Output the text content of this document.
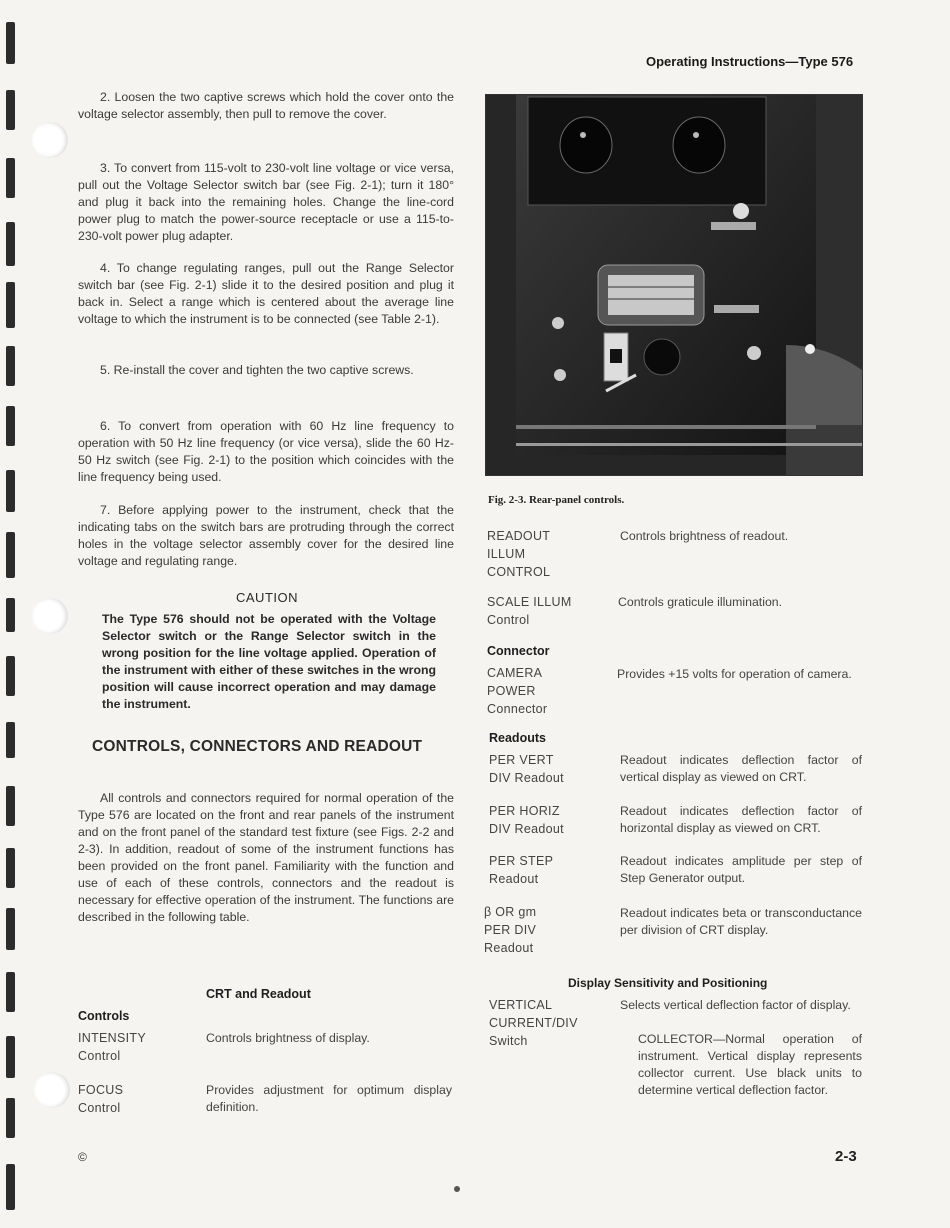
Operating Instructions—Type 576
2. Loosen the two captive screws which hold the cover onto the voltage selector assembly, then pull to remove the cover.
3. To convert from 115-volt to 230-volt line voltage or vice versa, pull out the Voltage Selector switch bar (see Fig. 2-1); turn it 180° and plug it back into the remaining holes. Change the line-cord power plug to match the power-source receptacle or use a 115-to-230-volt power plug adapter.
4. To change regulating ranges, pull out the Range Selector switch bar (see Fig. 2-1) slide it to the desired position and plug it back in. Select a range which is centered about the average line voltage to which the instrument is to be connected (see Table 2-1).
5. Re-install the cover and tighten the two captive screws.
6. To convert from operation with 60 Hz line frequency to operation with 50 Hz line frequency (or vice versa), slide the 60 Hz-50 Hz switch (see Fig. 2-1) to the position which coincides with the line frequency being used.
7. Before applying power to the instrument, check that the indicating tabs on the switch bars are protruding through the correct holes in the voltage selector assembly cover for the desired line voltage and regulating range.
CAUTION
The Type 576 should not be operated with the Voltage Selector switch or the Range Selector switch in the wrong position for the line voltage applied. Operation of the instrument with either of these switches in the wrong position will cause incorrect operation and may damage the instrument.
CONTROLS, CONNECTORS AND READOUT
All controls and connectors required for normal operation of the Type 576 are located on the front and rear panels of the instrument and on the front panel of the standard test fixture (see Figs. 2-2 and 2-3). In addition, readout of some of the instrument functions has been provided on the front panel. Familiarity with the function and use of each of these controls, connectors and the readout is necessary for effective operation of the instrument. The functions are described in the following table.
CRT and Readout
Controls
INTENSITY
Control
Controls brightness of display.
FOCUS
Control
Provides adjustment for optimum display definition.
©
Fig. 2-3. Rear-panel controls.
READOUT
ILLUM
CONTROL
Controls brightness of readout.
SCALE ILLUM
Control
Controls graticule illumination.
Connector
CAMERA
POWER
Connector
Provides +15 volts for operation of camera.
Readouts
PER VERT
DIV Readout
Readout indicates deflection factor of vertical display as viewed on CRT.
PER HORIZ
DIV Readout
Readout indicates deflection factor of horizontal display as viewed on CRT.
PER STEP
Readout
Readout indicates amplitude per step of Step Generator output.
β OR gm
PER DIV
Readout
Readout indicates beta or transconductance per division of CRT display.
Display Sensitivity and Positioning
VERTICAL
CURRENT/DIV
Switch
Selects vertical deflection factor of display.
COLLECTOR—Normal operation of instrument. Vertical display represents collector current. Use black units to determine vertical deflection factor.
2-3
